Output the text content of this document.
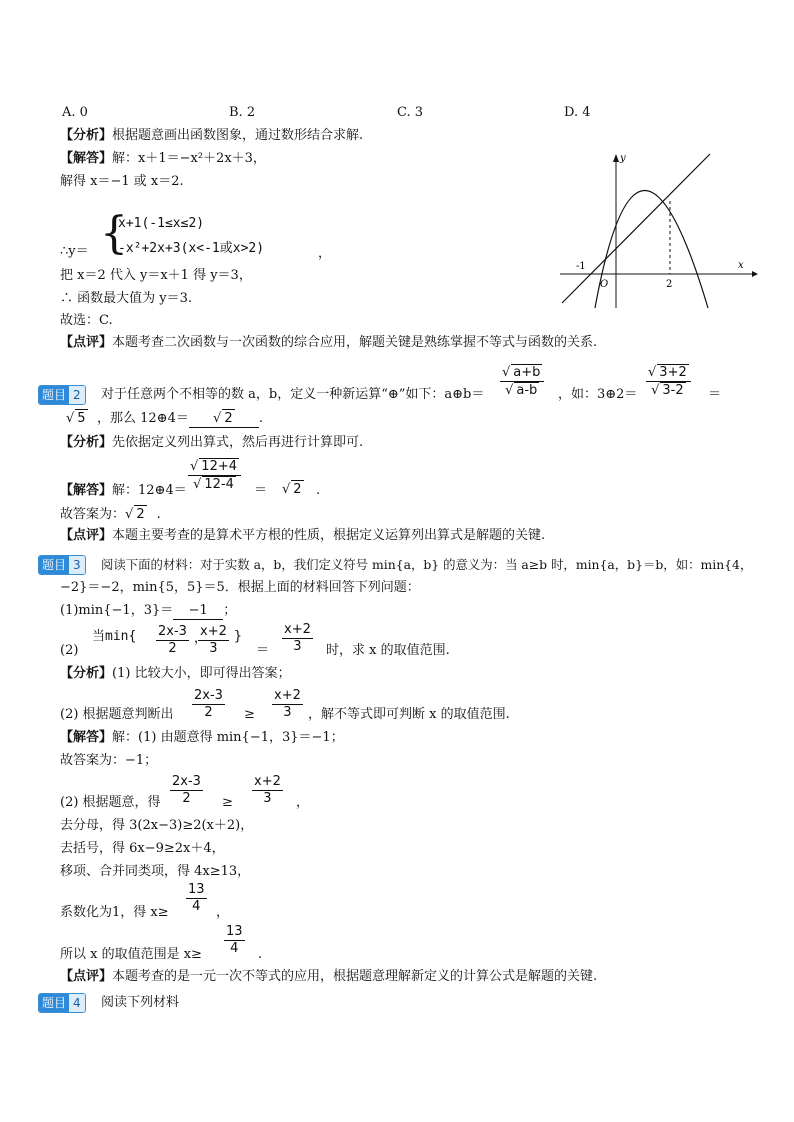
A. 0	B. 2	C. 3	D. 4
【分析】根据题意画出函数图象，通过数形结合求解.
【解答】解：x＋1＝−x²＋2x＋3，
解得 x＝−1 或 x＝2.
∴y＝ {
x+1(-1≤x≤2)
-x²+2x+3(x<-1或x>2)	，
把 x＝2 代入 y＝x＋1 得 y＝3，
∴ 函数最大值为 y＝3.
故选：C.
【点评】本题考查二次函数与一次函数的综合应用，解题关键是熟练掌握不等式与函数的关系.
y
x
-1
O	2
题目 2	对于任意两个不相等的数 a，b，定义一种新运算“⊕”如下：a⊕b＝ $\frac{√ a+b}{√ a-b}$ ，如：3⊕2＝ $\frac{√ 3+2}{√ 3-2}$ ＝
√ 5 ，那么 12⊕4＝ √ 2 .
【分析】先依据定义列出算式，然后再进行计算即可.
【解答】解：12⊕4＝ $\frac{√ 12+4}{√ 12-4}$ ＝ √ 2 .
故答案为：√ 2 .
【点评】本题主要考查的是算术平方根的性质，根据定义运算列出算式是解题的关键.
题目 3	阅读下面的材料：对于实数 a，b，我们定义符号 min{a，b} 的意义为：当 a≥b 时，min{a，b}＝b，如：min{4，
−2}＝−2，min{5，5}＝5．根据上面的材料回答下列问题：
(1)min{−1，3}＝ −1 ；
(2)
当$\min\{ \frac{2x-3}{2}$ ，
$\frac{x+2}{3}$ }
＝ $\frac{x+2}{3}$ 时，求 x 的取值范围.
【分析】(1) 比较大小，即可得出答案；
(2) 根据题意判断出 $\frac{2x-3}{2} \ge \frac{x+2}{3}$ ，解不等式即可判断 x 的取值范围.
【解答】解：(1) 由题意得 min{−1，3}＝−1；
故答案为：−1；
(2) 根据题意，得 $\frac{2x-3}{2} \ge \frac{x+2}{3}$ ，
去分母，得 3(2x−3)≥2(x＋2)，
去括号，得 6x−9≥2x＋4，
移项、合并同类项，得 4x≥13，
系数化为1，得 $x\ge \frac{13}{4}$ ，
所以 x 的取值范围是 $x\ge \frac{13}{4}$ .
【点评】本题考查的是一元一次不等式的应用，根据题意理解新定义的计算公式是解题的关键.
题目 4	阅读下列材料
